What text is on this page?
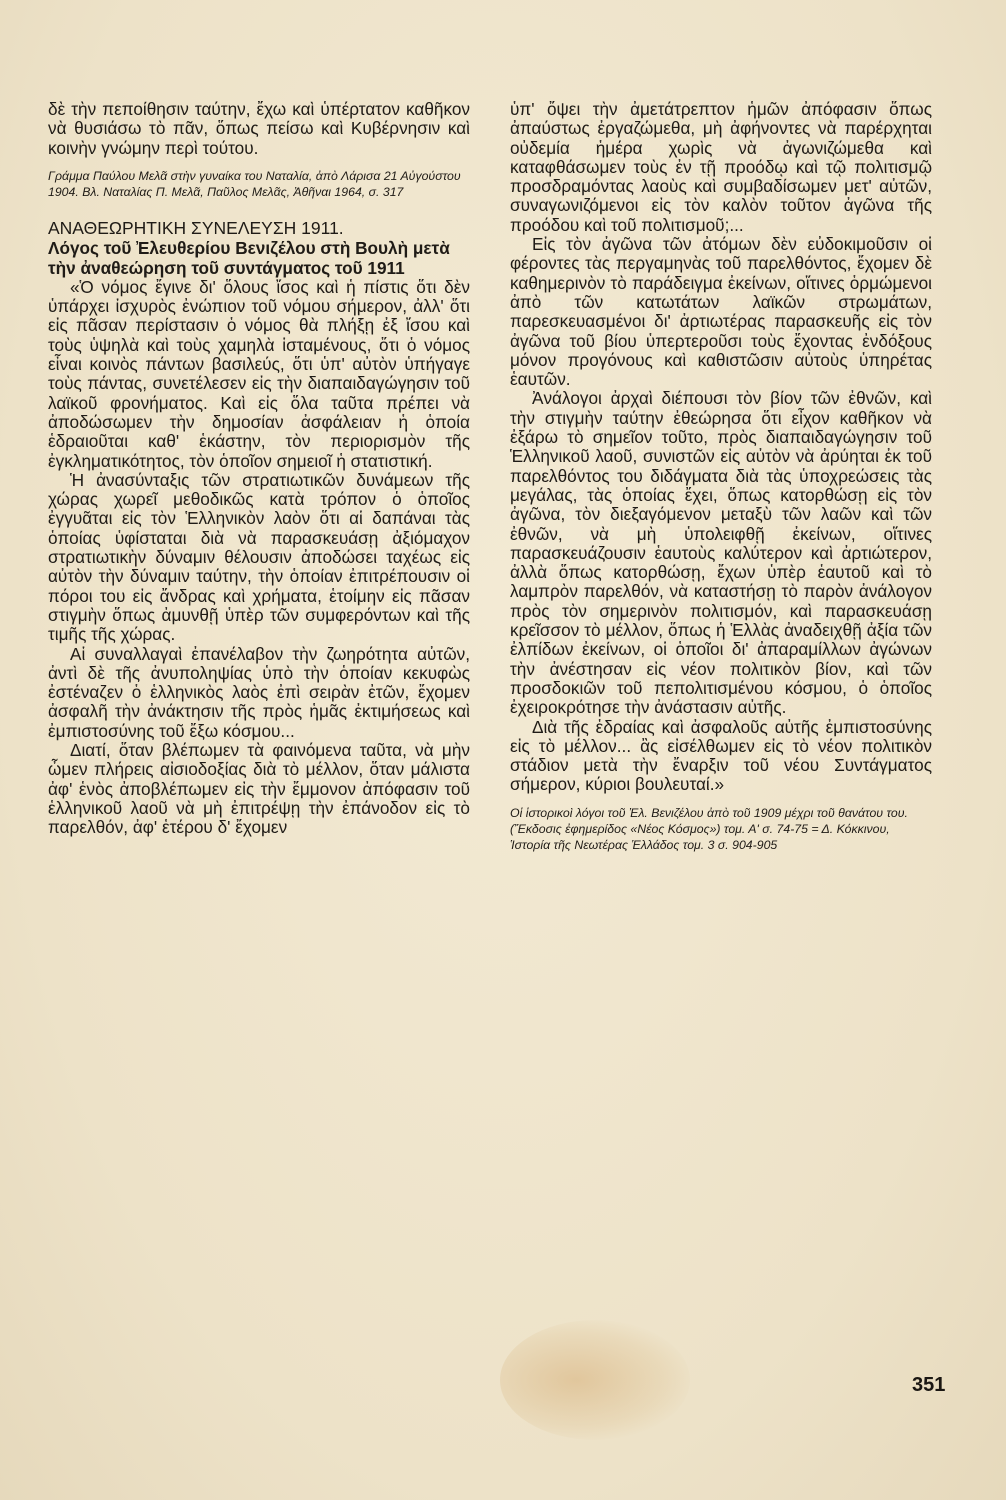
δὲ τὴν πεποίθησιν ταύτην, ἔχω καὶ ὑπέρτατον καθῆκον νὰ θυσιάσω τὸ πᾶν, ὅπως πείσω καὶ Κυβέρνησιν καὶ κοινὴν γνώμην περὶ τούτου.

Γράμμα Παύλου Μελᾶ στὴν γυναίκα του Ναταλία, ἀπὸ Λάρισα 21 Αὐγούστου 1904. Βλ. Ναταλίας Π. Μελᾶ, Παῦλος Μελᾶς, Ἀθῆναι 1964, σ. 317

ΑΝΑΘΕΩΡΗΤΙΚΗ ΣΥΝΕΛΕΥΣΗ 1911.

Λόγος τοῦ Ἐλευθερίου Βενιζέλου στὴ Βουλὴ μετὰ τὴν ἀναθεώρηση τοῦ συντάγματος τοῦ 1911

«Ὁ νόμος ἔγινε δι' ὅλους ἴσος καὶ ἡ πίστις ὅτι δὲν ὑπάρχει ἰσχυρὸς ἐνώπιον τοῦ νόμου σήμερον, ἀλλ' ὅτι εἰς πᾶσαν περίστασιν ὁ νόμος θὰ πλήξῃ ἐξ ἴσου καὶ τοὺς ὑψηλὰ καὶ τοὺς χαμηλὰ ἱσταμένους, ὅτι ὁ νόμος εἶναι κοινὸς πάντων βασιλεύς, ὅτι ὑπ' αὐτὸν ὑπήγαγε τοὺς πάντας, συνετέλεσεν εἰς τὴν διαπαιδαγώγησιν τοῦ λαϊκοῦ φρονήματος. Καὶ εἰς ὅλα ταῦτα πρέπει νὰ ἀποδώσωμεν τὴν δημοσίαν ἀσφάλειαν ἡ ὁποία ἑδραιοῦται καθ' ἑκάστην, τὸν περιορισμὸν τῆς ἐγκληματικότητος, τὸν ὁποῖον σημειοῖ ἡ στατιστική.

Ἡ ἀνασύνταξις τῶν στρατιωτικῶν δυνάμεων τῆς χώρας χωρεῖ μεθοδικῶς κατὰ τρόπον ὁ ὁποῖος ἐγγυᾶται εἰς τὸν Ἑλληνικὸν λαὸν ὅτι αἱ δαπάναι τὰς ὁποίας ὑφίσταται διὰ νὰ παρασκευάσῃ ἀξιόμαχον στρατιωτικὴν δύναμιν θέλουσιν ἀποδώσει ταχέως εἰς αὐτὸν τὴν δύναμιν ταύτην, τὴν ὁποίαν ἐπιτρέπουσιν οἱ πόροι του εἰς ἄνδρας καὶ χρήματα, ἑτοίμην εἰς πᾶσαν στιγμὴν ὅπως ἀμυνθῇ ὑπὲρ τῶν συμφερόντων καὶ τῆς τιμῆς τῆς χώρας.

Αἱ συναλλαγαὶ ἐπανέλαβον τὴν ζωηρότητα αὐτῶν, ἀντὶ δὲ τῆς ἀνυποληψίας ὑπὸ τὴν ὁποίαν κεκυφὼς ἐστέναζεν ὁ ἑλληνικὸς λαὸς ἐπὶ σειρὰν ἐτῶν, ἔχομεν ἀσφαλῆ τὴν ἀνάκτησιν τῆς πρὸς ἡμᾶς ἐκτιμήσεως καὶ ἐμπιστοσύνης τοῦ ἔξω κόσμου...

Διατί, ὅταν βλέπωμεν τὰ φαινόμενα ταῦτα, νὰ μὴν ὦμεν πλήρεις αἰσιοδοξίας διὰ τὸ μέλλον, ὅταν μάλιστα ἀφ' ἑνὸς ἀποβλέπωμεν εἰς τὴν ἔμμονον ἀπόφασιν τοῦ ἑλληνικοῦ λαοῦ νὰ μὴ ἐπιτρέψῃ τὴν ἐπάνοδον εἰς τὸ παρελθόν, ἀφ' ἑτέρου δ' ἔχομεν

ὑπ' ὄψει τὴν ἀμετάτρεπτον ἡμῶν ἀπόφασιν ὅπως ἀπαύστως ἐργαζώμεθα, μὴ ἀφήνοντες νὰ παρέρχηται οὐδεμία ἡμέρα χωρὶς νὰ ἀγωνιζώμεθα καὶ καταφθάσωμεν τοὺς ἐν τῇ προόδῳ καὶ τῷ πολιτισμῷ προσδραμόντας λαοὺς καὶ συμβαδίσωμεν μετ' αὐτῶν, συναγωνιζόμενοι εἰς τὸν καλὸν τοῦτον ἀγῶνα τῆς προόδου καὶ τοῦ πολιτισμοῦ;...

Εἰς τὸν ἀγῶνα τῶν ἀτόμων δὲν εὐδοκιμοῦσιν οἱ φέροντες τὰς περγαμηνὰς τοῦ παρελθόντος, ἔχομεν δὲ καθημερινὸν τὸ παράδειγμα ἐκείνων, οἵτινες ὁρμώμενοι ἀπὸ τῶν κατωτάτων λαϊκῶν στρωμάτων, παρεσκευασμένοι δι' ἀρτιωτέρας παρασκευῆς εἰς τὸν ἀγῶνα τοῦ βίου ὑπερτεροῦσι τοὺς ἔχοντας ἐνδόξους μόνον προγόνους καὶ καθιστῶσιν αὐτοὺς ὑπηρέτας ἑαυτῶν.

Ἀνάλογοι ἀρχαὶ διέπουσι τὸν βίον τῶν ἐθνῶν, καὶ τὴν στιγμὴν ταύτην ἐθεώρησα ὅτι εἶχον καθῆκον νὰ ἐξάρω τὸ σημεῖον τοῦτο, πρὸς διαπαιδαγώγησιν τοῦ Ἑλληνικοῦ λαοῦ, συνιστῶν εἰς αὐτὸν νὰ ἀρύηται ἐκ τοῦ παρελθόντος του διδάγματα διὰ τὰς ὑποχρεώσεις τὰς μεγάλας, τὰς ὁποίας ἔχει, ὅπως κατορθώσῃ εἰς τὸν ἀγῶνα, τὸν διεξαγόμενον μεταξὺ τῶν λαῶν καὶ τῶν ἐθνῶν, νὰ μὴ ὑπολειφθῇ ἐκείνων, οἵτινες παρασκευάζουσιν ἑαυτοὺς καλύτερον καὶ ἀρτιώτερον, ἀλλὰ ὅπως κατορθώσῃ, ἔχων ὑπὲρ ἑαυτοῦ καὶ τὸ λαμπρὸν παρελθόν, νὰ καταστήσῃ τὸ παρὸν ἀνάλογον πρὸς τὸν σημερινὸν πολιτισμόν, καὶ παρασκευάσῃ κρεῖσσον τὸ μέλλον, ὅπως ἡ Ἑλλὰς ἀναδειχθῇ ἀξία τῶν ἐλπίδων ἐκείνων, οἱ ὁποῖοι δι' ἀπαραμίλλων ἀγώνων τὴν ἀνέστησαν εἰς νέον πολιτικὸν βίον, καὶ τῶν προσδοκιῶν τοῦ πεπολιτισμένου κόσμου, ὁ ὁποῖος ἐχειροκρότησε τὴν ἀνάστασιν αὐτῆς.

Διὰ τῆς ἑδραίας καὶ ἀσφαλοῦς αὐτῆς ἐμπιστοσύνης εἰς τὸ μέλλον... ἂς εἰσέλθωμεν εἰς τὸ νέον πολιτικὸν στάδιον μετὰ τὴν ἔναρξιν τοῦ νέου Συντάγματος σήμερον, κύριοι βουλευταί.»

Οἱ ἱστορικοὶ λόγοι τοῦ Ἐλ. Βενιζέλου ἀπὸ τοῦ 1909 μέχρι τοῦ θανάτου του. (Ἔκδοσις ἐφημερίδος «Νέος Κόσμος») τομ. Α' σ. 74-75 = Δ. Κόκκινου, Ἱστορία τῆς Νεωτέρας Ἑλλάδος τομ. 3 σ. 904-905

351
